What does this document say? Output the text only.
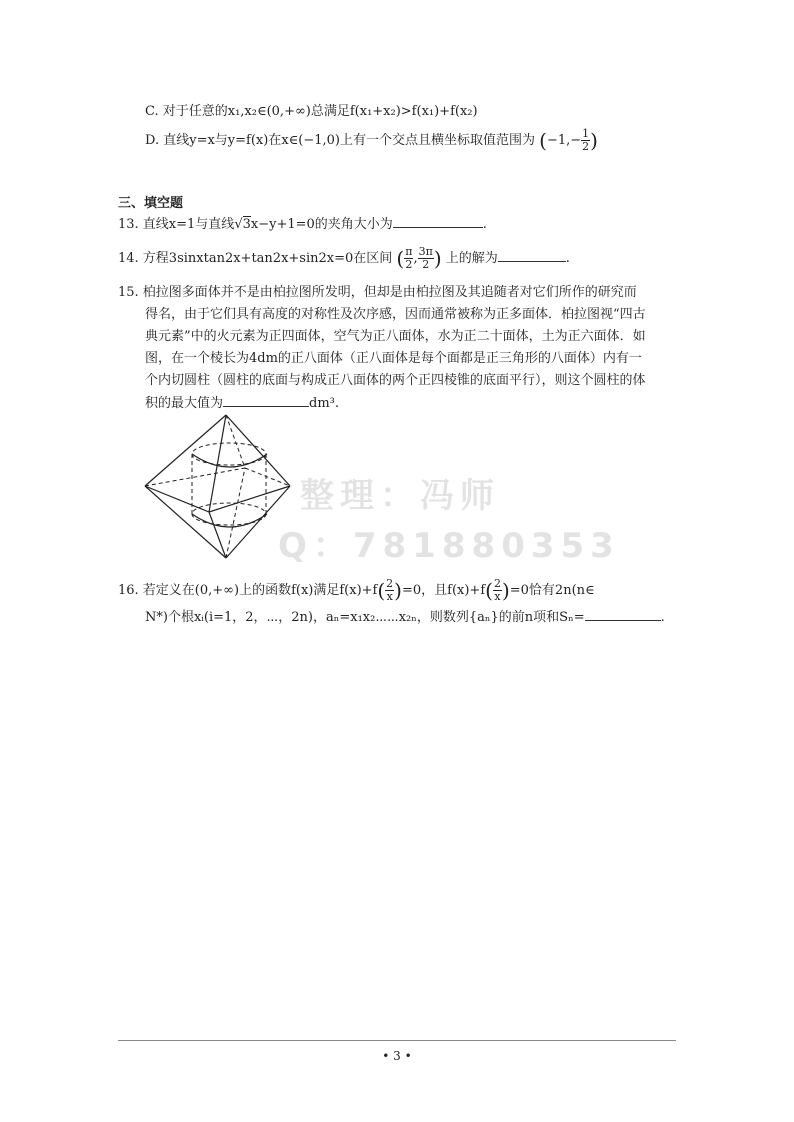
C. 对于任意的x₁,x₂∈(0,+∞)总满足f(x₁+x₂)>f(x₁)+f(x₂)
D. 直线y=x与y=f(x)在x∈(−1,0)上有一个交点且横坐标取值范围为 ($-1,- \frac{1}{2}$ )
三、填空题
13. 直线x=1与直线√3x−y+1=0的夹角大小为	.
14. 方程3sinxtan2x+tan2x+sin2x=0在区间 ( $\frac{\pi}{2}$ , $\frac{3\pi}{2}$ ) 上的解为	.
15. 柏拉图多面体并不是由柏拉图所发明，但却是由柏拉图及其追随者对它们所作的研究而
得名，由于它们具有高度的对称性及次序感，因而通常被称为正多面体．柏拉图视“四古
典元素”中的火元素为正四面体，空气为正八面体，水为正二十面体，土为正六面体．如
图，在一个棱长为4dm的正八面体（正八面体是每个面都是正三角形的八面体）内有一
个内切圆柱（圆柱的底面与构成正八面体的两个正四棱锥的底面平行），则这个圆柱的体
积的最大值为	dm³.
整理：冯师
Q：781880353
16. 若定义在(0,+∞)上的函数f(x)满足$f(x)+f( \frac{2}{x} )=0$，且$f(x)+f( \frac{2}{x} )=0$恰有2n(n∈
N*)个根xᵢ(i=1，2，⋯，2n)，aₙ=x₁x₂⋯⋯x₂ₙ，则数列{aₙ}的前n项和Sₙ=	.
• 3 •
